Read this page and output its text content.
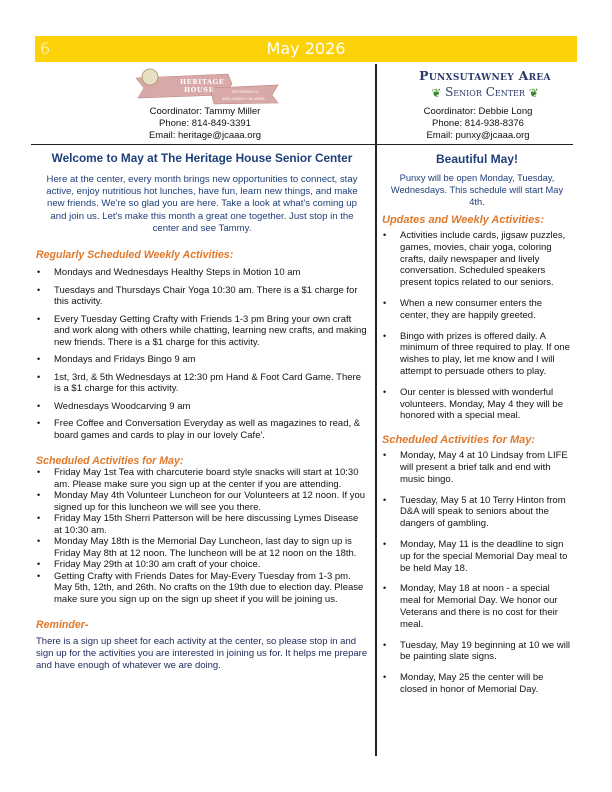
6	May 2026
HERITAGE
HOUSE	JEFFERSON CO
AREA AGENCY ON AGING
Coordinator: Tammy Miller
Phone: 814-849-3391
Email: heritage@jcaaa.org
Punxsutawney Area
❦ Senior Center ❦
Coordinator: Debbie Long
Phone: 814-938-8376
Email: punxy@jcaaa.org
Welcome to May at The Heritage House Senior Center
Here at the center, every month brings new opportunities to connect, stay active, enjoy nutritious hot lunches, have fun, learn new things, and make new friends. We're so glad you are here. Take a look at what's coming up and join us. Let's make this month a great one together. Just stop in the center and see Tammy.
Regularly Scheduled Weekly Activities:
• Mondays and Wednesdays Healthy Steps in Motion 10 am
• Tuesdays and Thursdays Chair Yoga 10:30 am. There is a $1 charge for this activity.
• Every Tuesday Getting Crafty with Friends 1-3 pm Bring your own craft and work along with others while chatting, learning new crafts, and making new friends. There is a $1 charge for this activity.
• Mondays and Fridays Bingo 9 am
• 1st, 3rd, & 5th Wednesdays at 12:30 pm Hand & Foot Card Game. There is a $1 charge for this activity.
• Wednesdays Woodcarving 9 am
• Free Coffee and Conversation Everyday as well as magazines to read, & board games and cards to play in our lovely Cafe'.
Scheduled Activities for May:
• Friday May 1st Tea with charcuterie board style snacks will start at 10:30 am. Please make sure you sign up at the center if you are attending.
• Monday May 4th Volunteer Luncheon for our Volunteers at 12 noon. If you signed up for this luncheon we will see you there.
• Friday May 15th Sherri Patterson will be here discussing Lymes Disease at 10:30 am.
• Monday May 18th is the Memorial Day Luncheon, last day to sign up is Friday May 8th at 12 noon. The luncheon will be at 12 noon on the 18th.
• Friday May 29th at 10:30 am craft of your choice.
• Getting Crafty with Friends Dates for May-Every Tuesday from 1-3 pm. May 5th, 12th, and 26th. No crafts on the 19th due to election day. Please make sure you sign up on the sign up sheet if you will be joining us.
Reminder-
There is a sign up sheet for each activity at the center, so please stop in and sign up for the activities you are interested in joining us for. It helps me prepare and have enough of whatever we are doing.
Beautiful May!
Punxy will be open Monday, Tuesday, Wednesdays. This schedule will start May 4th.
Updates and Weekly Activities:
• Activities include cards, jigsaw puzzles, games, movies, chair yoga, coloring crafts, daily newspaper and lively conversation. Scheduled speakers present topics related to our seniors.
• When a new consumer enters the center, they are happily greeted.
• Bingo with prizes is offered daily. A minimum of three required to play. If one wishes to play, let me know and I will attempt to persuade others to play.
• Our center is blessed with wonderful volunteers. Monday, May 4 they will be honored with a special meal.
Scheduled Activities for May:
• Monday, May 4 at 10 Lindsay from LIFE will present a brief talk and end with music bingo.
• Tuesday, May 5 at 10 Terry Hinton from D&A will speak to seniors about the dangers of gambling.
• Monday, May 11 is the deadline to sign up for the special Memorial Day meal to be held May 18.
• Monday, May 18 at noon - a special meal for Memorial Day. We honor our Veterans and there is no cost for their meal.
• Tuesday, May 19 beginning at 10 we will be painting slate signs.
• Monday, May 25 the center will be closed in honor of Memorial Day.
